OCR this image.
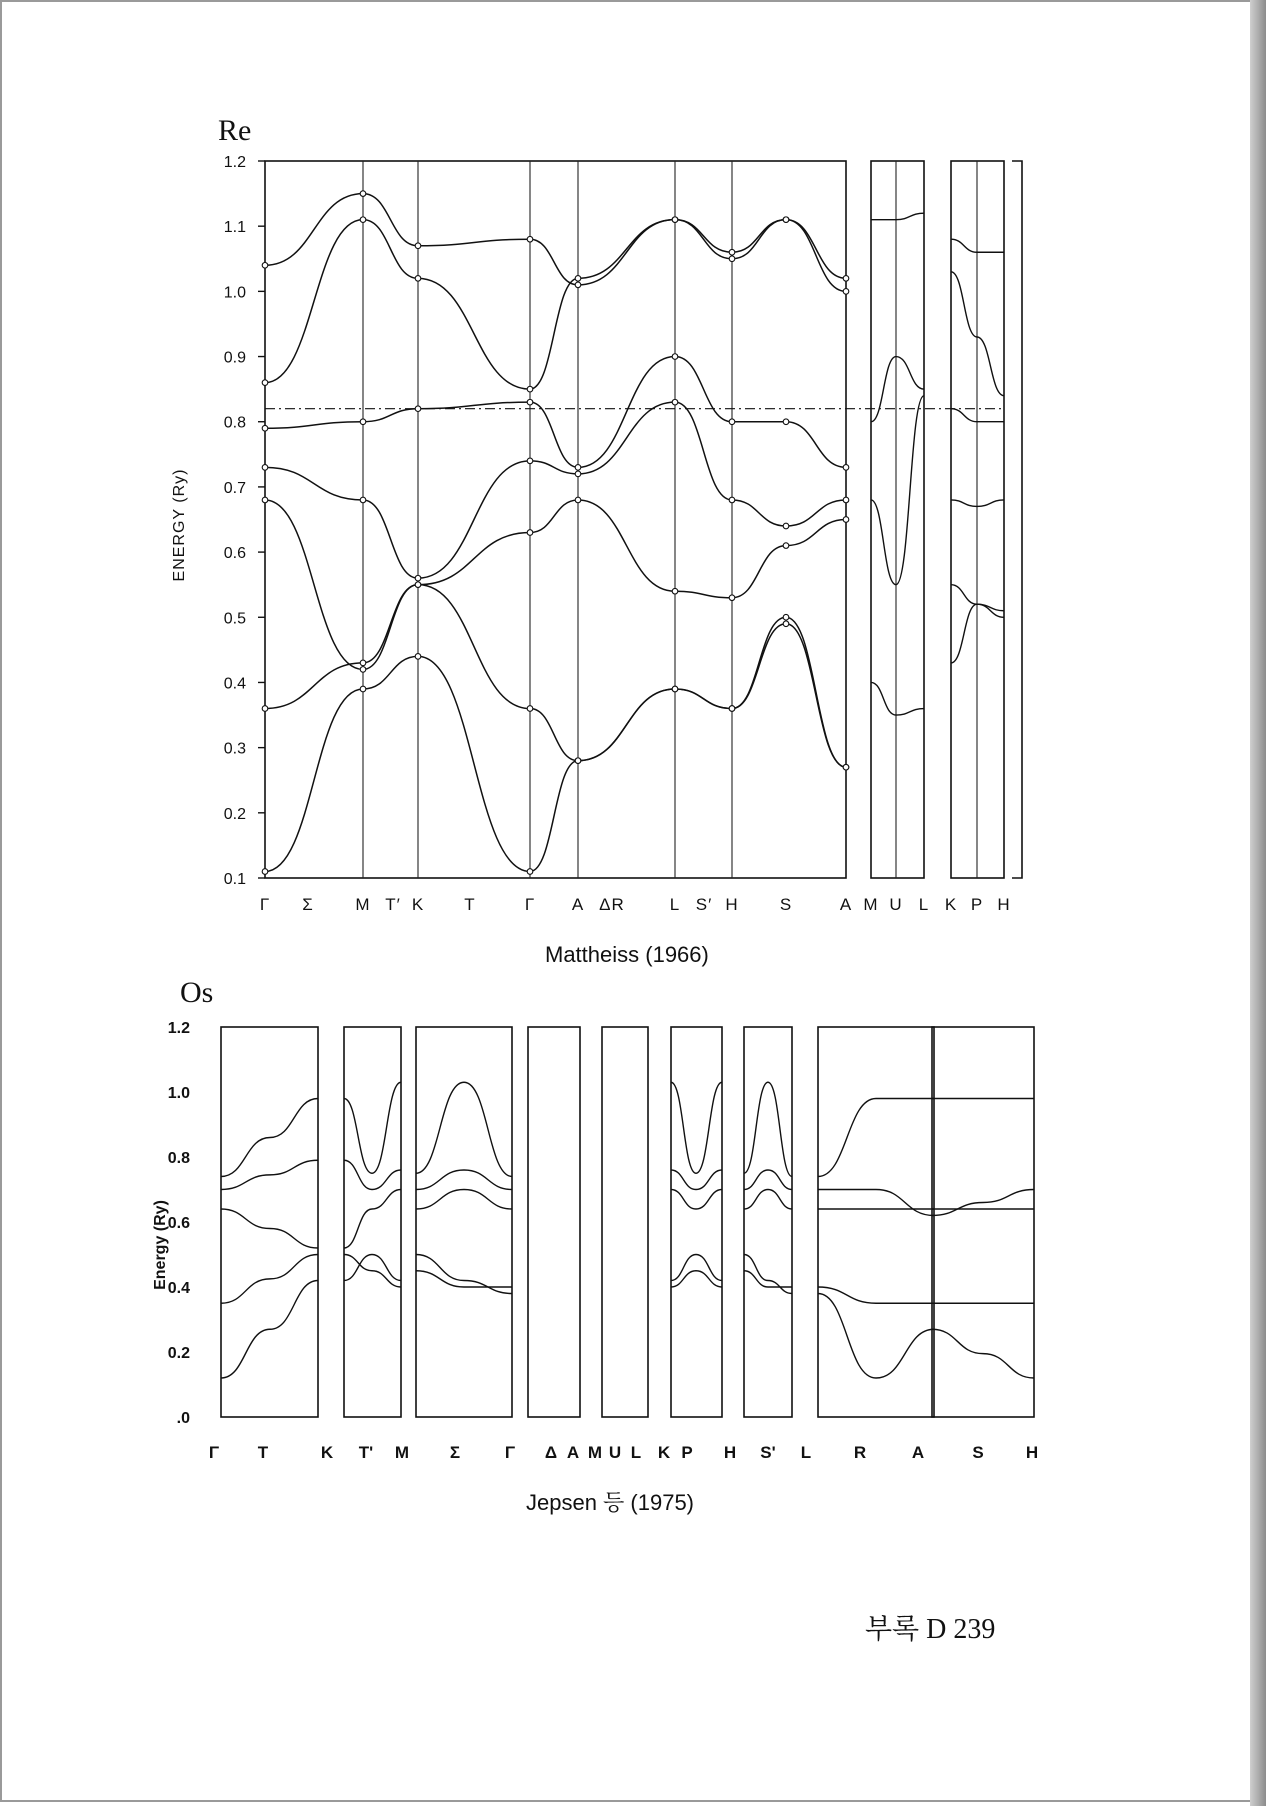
Re
Os
Γ Σ M T′ K T	Γ A ΔR	L S′ H S	A M U L K P H
1.2
1.1
1.0
0.9
0.8
0.7
0.6
0.5
0.4
0.3
0.2
0.1
1.2
1.0
0.8
0.6
0.4
0.2
.0
Γ T	K T' M Σ	Γ Δ A M U L K P H S' L	R	A	S H
ENERGY (Ry)
Energy (Ry)
Mattheiss (1966)
Jepsen 등 (1975)
부록 D 239
